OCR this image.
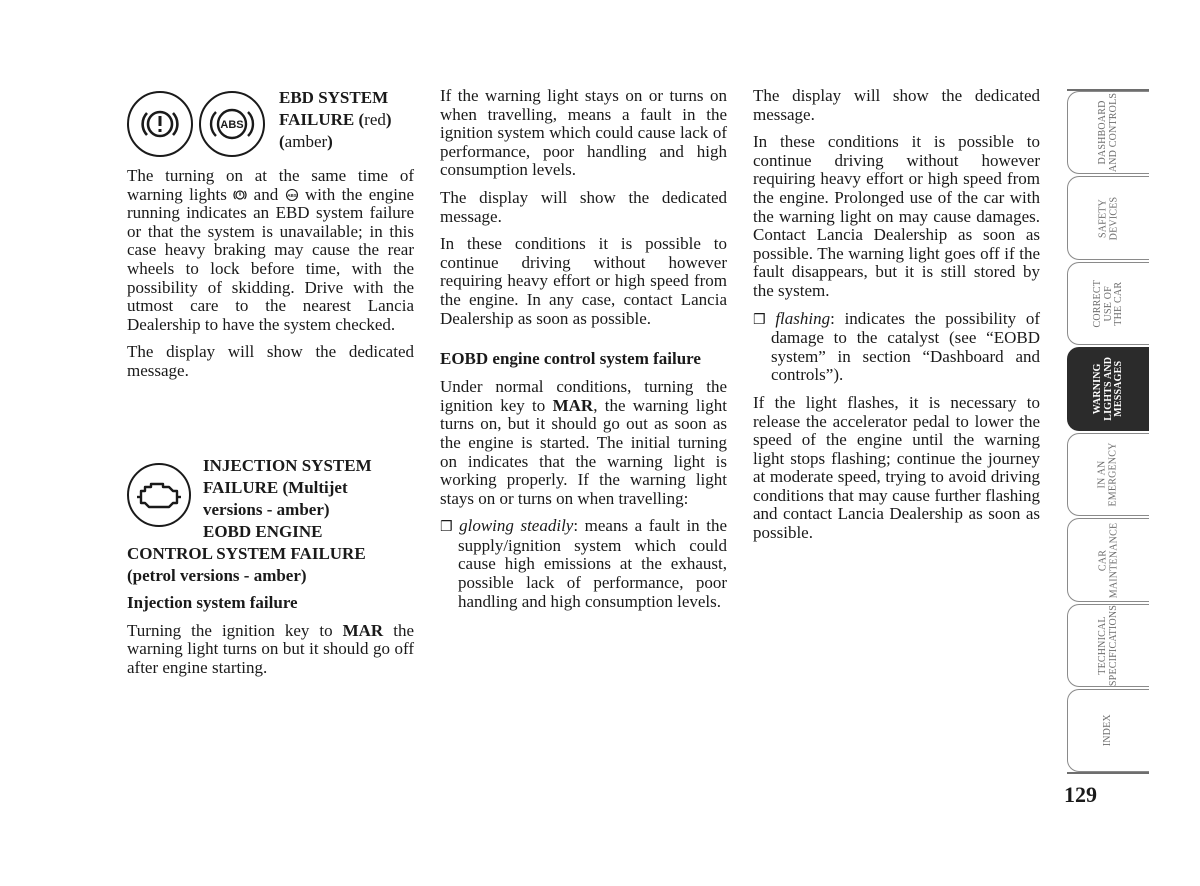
ABS
EBD SYSTEM
FAILURE (red)
(amber)

The turning on at the same time of warning lights and ABS with the engine running indicates an EBD system failure or that the system is unavailable; in this case heavy braking may cause the rear wheels to lock before time, with the possibility of skidding. Drive with the utmost care to the nearest Lancia Dealership to have the system checked.

The display will show the dedicated message.

INJECTION SYSTEM
FAILURE (Multijet
versions - amber)
EOBD ENGINE
CONTROL SYSTEM FAILURE
(petrol versions - amber)

Injection system failure

Turning the ignition key to MAR the warning light turns on but it should go off after engine starting.

If the warning light stays on or turns on when travelling, means a fault in the ignition system which could cause lack of performance, poor handling and high consumption levels.

The display will show the dedicated message.

In these conditions it is possible to continue driving without however requiring heavy effort or high speed from the engine. In any case, contact Lancia Dealership as soon as possible.

EOBD engine control system failure

Under normal conditions, turning the ignition key to MAR, the warning light turns on, but it should go out as soon as the engine is started. The initial turning on indicates that the warning light is working properly. If the warning light stays on or turns on when travelling:

❒ glowing steadily: means a fault in the supply/ignition system which could cause high emissions at the exhaust, possible lack of performance, poor handling and high consumption levels.

The display will show the dedicated message.

In these conditions it is possible to continue driving without however requiring heavy effort or high speed from the engine. Prolonged use of the car with the warning light on may cause damages. Contact Lancia Dealership as soon as possible. The warning light goes off if the fault disappears, but it is still stored by the system.

❒ flashing: indicates the possibility of damage to the catalyst (see “EOBD system” in section “Dashboard and controls”).

If the light flashes, it is necessary to release the accelerator pedal to lower the speed of the engine until the warning light stops flashing; continue the journey at moderate speed, trying to avoid driving conditions that may cause further flashing and contact Lancia Dealership as soon as possible.

DASHBOARD
AND CONTROLS
SAFETY
DEVICES
CORRECT
USE OF
THE CAR
WARNING
LIGHTS AND
MESSAGES
IN AN
EMERGENCY
CAR
MAINTENANCE
TECHNICAL
SPECIFICATIONS
INDEX
129
